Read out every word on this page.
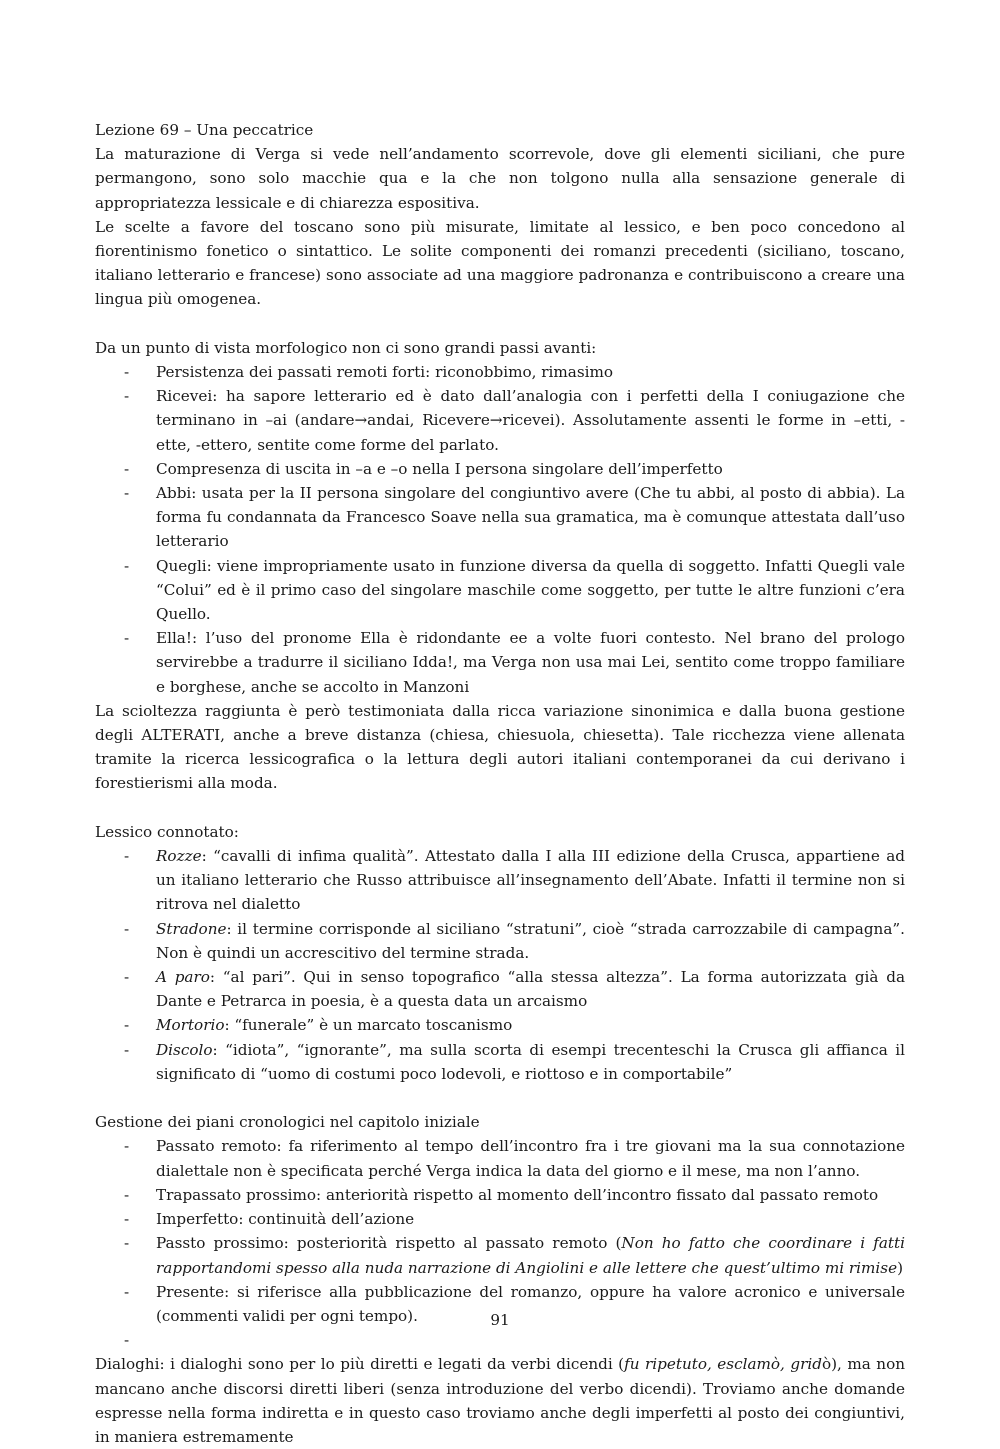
Lezione 69 – Una peccatrice

La maturazione di Verga si vede nell’andamento scorrevole, dove gli elementi siciliani, che pure permangono, sono solo macchie qua e la che non tolgono nulla alla sensazione generale di appropriatezza lessicale e di chiarezza espositiva.

Le scelte a favore del toscano sono più misurate, limitate al lessico, e ben poco concedono al fiorentinismo fonetico o sintattico. Le solite componenti dei romanzi precedenti (siciliano, toscano, italiano letterario e francese) sono associate ad una maggiore padronanza e contribuiscono a creare una lingua più omogenea.

Da un punto di vista morfologico non ci sono grandi passi avanti:

- Persistenza dei passati remoti forti: riconobbimo, rimasimo
- Ricevei: ha sapore letterario ed è dato dall’analogia con i perfetti della I coniugazione che terminano in –ai (andare→andai, Ricevere→ricevei). Assolutamente assenti le forme in –etti, -ette, -ettero, sentite come forme del parlato.
- Compresenza di uscita in –a e –o nella I persona singolare dell’imperfetto
- Abbi: usata per la II persona singolare del congiuntivo avere (Che tu abbi, al posto di abbia). La forma fu condannata da Francesco Soave nella sua gramatica, ma è comunque attestata dall’uso letterario
- Quegli: viene impropriamente usato in funzione diversa da quella di soggetto. Infatti Quegli vale “Colui” ed è il primo caso del singolare maschile come soggetto, per tutte le altre funzioni c’era Quello.
- Ella!: l’uso del pronome Ella è ridondante ee a volte fuori contesto. Nel brano del prologo servirebbe a tradurre il siciliano Idda!, ma Verga non usa mai Lei, sentito come troppo familiare e borghese, anche se accolto in Manzoni

La scioltezza raggiunta è però testimoniata dalla ricca variazione sinonimica e dalla buona gestione degli ALTERATI, anche a breve distanza (chiesa, chiesuola, chiesetta). Tale ricchezza viene allenata tramite la ricerca lessicografica o la lettura degli autori italiani contemporanei da cui derivano i forestierismi alla moda.

Lessico connotato:

- Rozze: “cavalli di infima qualità”. Attestato dalla I alla III edizione della Crusca, appartiene ad un italiano letterario che Russo attribuisce all’insegnamento dell’Abate. Infatti il termine non si ritrova nel dialetto
- Stradone: il termine corrisponde al siciliano “stratuni”, cioè “strada carrozzabile di campagna”. Non è quindi un accrescitivo del termine strada.
- A paro: “al pari”. Qui in senso topografico “alla stessa altezza”. La forma autorizzata già da Dante e Petrarca in poesia, è a questa data un arcaismo
- Mortorio: “funerale” è un marcato toscanismo
- Discolo: “idiota”, “ignorante”, ma sulla scorta di esempi trecenteschi la Crusca gli affianca il significato di “uomo di costumi poco lodevoli, e riottoso e in comportabile”

Gestione dei piani cronologici nel capitolo iniziale

- Passato remoto: fa riferimento al tempo dell’incontro fra i tre giovani ma la sua connotazione dialettale non è specificata perché Verga indica la data del giorno e il mese, ma non l’anno.
- Trapassato prossimo: anteriorità rispetto al momento dell’incontro fissato dal passato remoto
- Imperfetto: continuità dell’azione
- Passto prossimo: posteriorità rispetto al passato remoto (Non ho fatto che coordinare i fatti rapportandomi spesso alla nuda narrazione di Angiolini e alle lettere che quest’ultimo mi rimise)
- Presente: si riferisce alla pubblicazione del romanzo, oppure ha valore acronico e universale (commenti validi per ogni tempo).
-

Dialoghi: i dialoghi sono per lo più diretti e legati da verbi dicendi (fu ripetuto, esclamò, gridò), ma non mancano anche discorsi diretti liberi (senza introduzione del verbo dicendi). Troviamo anche domande espresse nella forma indiretta e in questo caso troviamo anche degli imperfetti al posto dei congiuntivi, in maniera estremamente

91
